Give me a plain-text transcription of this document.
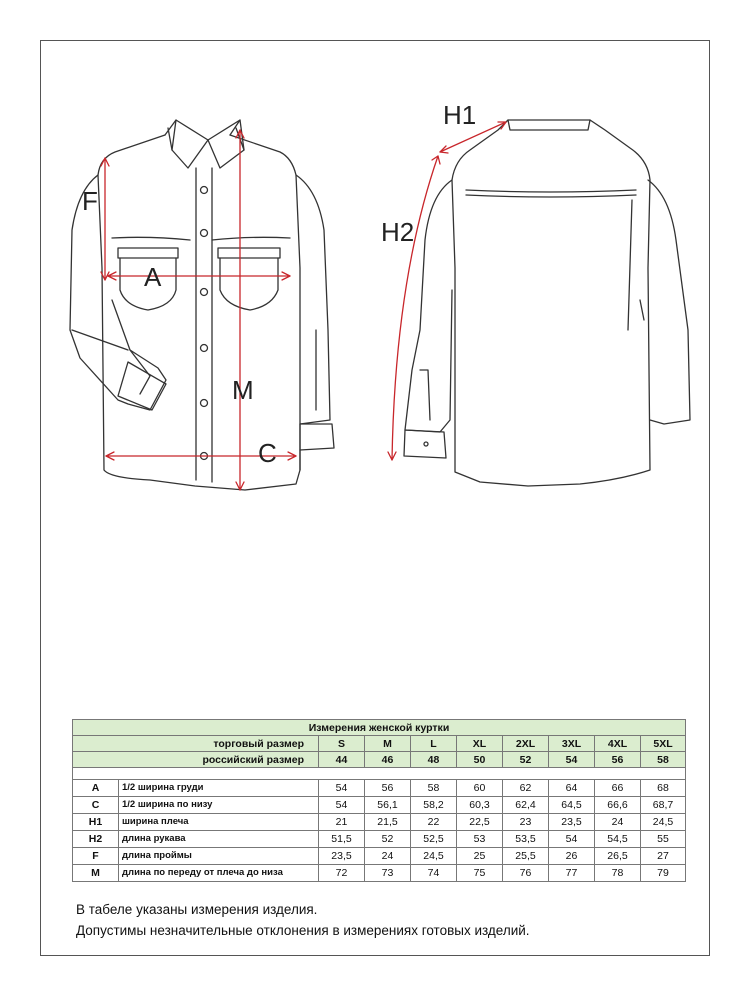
F
A
M
C
H1
H2
Измерения женской куртки									
торговый размер		S	M	L	XL	2XL	3XL	4XL	5XL
российский размер		44	46	48	50	52	54	56	58

A	1/2 ширина груди	54	56	58	60	62	64	66	68
C	1/2 ширина по низу	54	56,1	58,2	60,3	62,4	64,5	66,6	68,7
H1	ширина плеча	21	21,5	22	22,5	23	23,5	24	24,5
H2	длина рукава	51,5	52	52,5	53	53,5	54	54,5	55
F	длина проймы	23,5	24	24,5	25	25,5	26	26,5	27
M	длина по переду от плеча до низа	72	73	74	75	76	77	78	79
В табеле указаны измерения изделия.
Допустимы незначительные отклонения в измерениях готовых изделий.
